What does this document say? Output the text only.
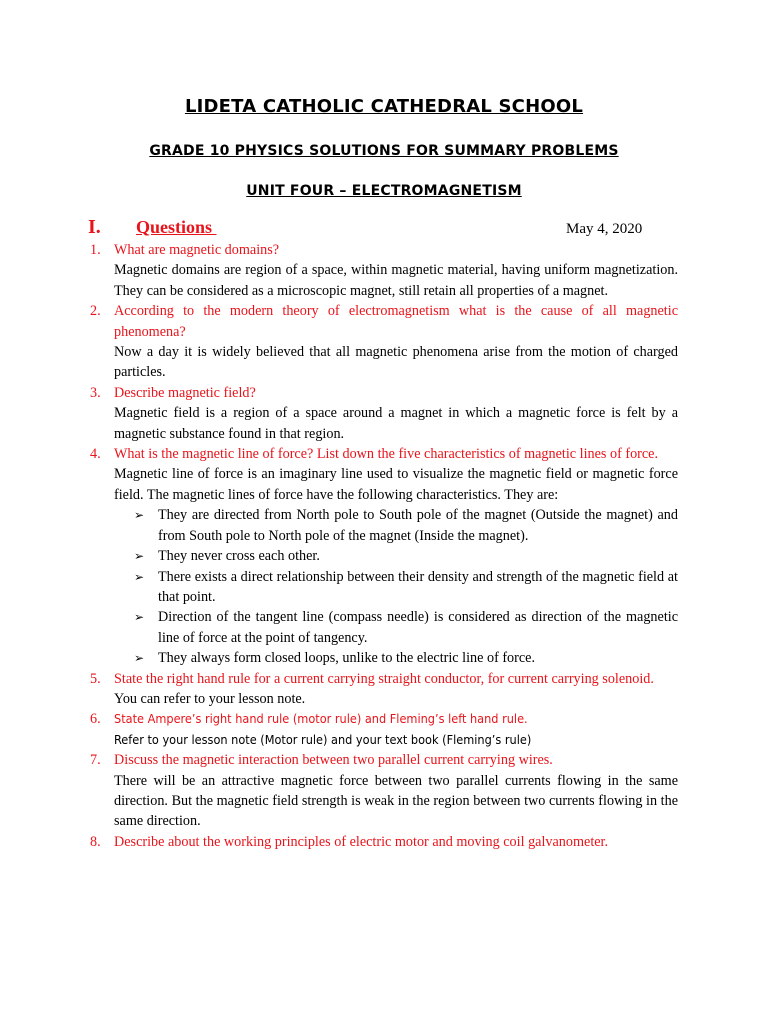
LIDETA CATHOLIC CATHEDRAL SCHOOL
GRADE 10 PHYSICS SOLUTIONS FOR SUMMARY PROBLEMS
UNIT FOUR – ELECTROMAGNETISM
I. Questions	May 4, 2020
1. What are magnetic domains?
Magnetic domains are region of a space, within magnetic material, having uniform magnetization. They can be considered as a microscopic magnet, still retain all properties of a magnet.
2. According to the modern theory of electromagnetism what is the cause of all magnetic phenomena?
Now a day it is widely believed that all magnetic phenomena arise from the motion of charged particles.
3. Describe magnetic field?
Magnetic field is a region of a space around a magnet in which a magnetic force is felt by a magnetic substance found in that region.
4. What is the magnetic line of force? List down the five characteristics of magnetic lines of force.
Magnetic line of force is an imaginary line used to visualize the magnetic field or magnetic force field. The magnetic lines of force have the following characteristics. They are:
➢ They are directed from North pole to South pole of the magnet (Outside the magnet) and from South pole to North pole of the magnet (Inside the magnet).
➢ They never cross each other.
➢ There exists a direct relationship between their density and strength of the magnetic field at that point.
➢ Direction of the tangent line (compass needle) is considered as direction of the magnetic line of force at the point of tangency.
➢ They always form closed loops, unlike to the electric line of force.
5. State the right hand rule for a current carrying straight conductor, for current carrying solenoid.
You can refer to your lesson note.
6. State Ampere’s right hand rule (motor rule) and Fleming’s left hand rule.
Refer to your lesson note (Motor rule) and your text book (Fleming’s rule)
7. Discuss the magnetic interaction between two parallel current carrying wires.
There will be an attractive magnetic force between two parallel currents flowing in the same direction. But the magnetic field strength is weak in the region between two currents flowing in the same direction.
8. Describe about the working principles of electric motor and moving coil galvanometer.
